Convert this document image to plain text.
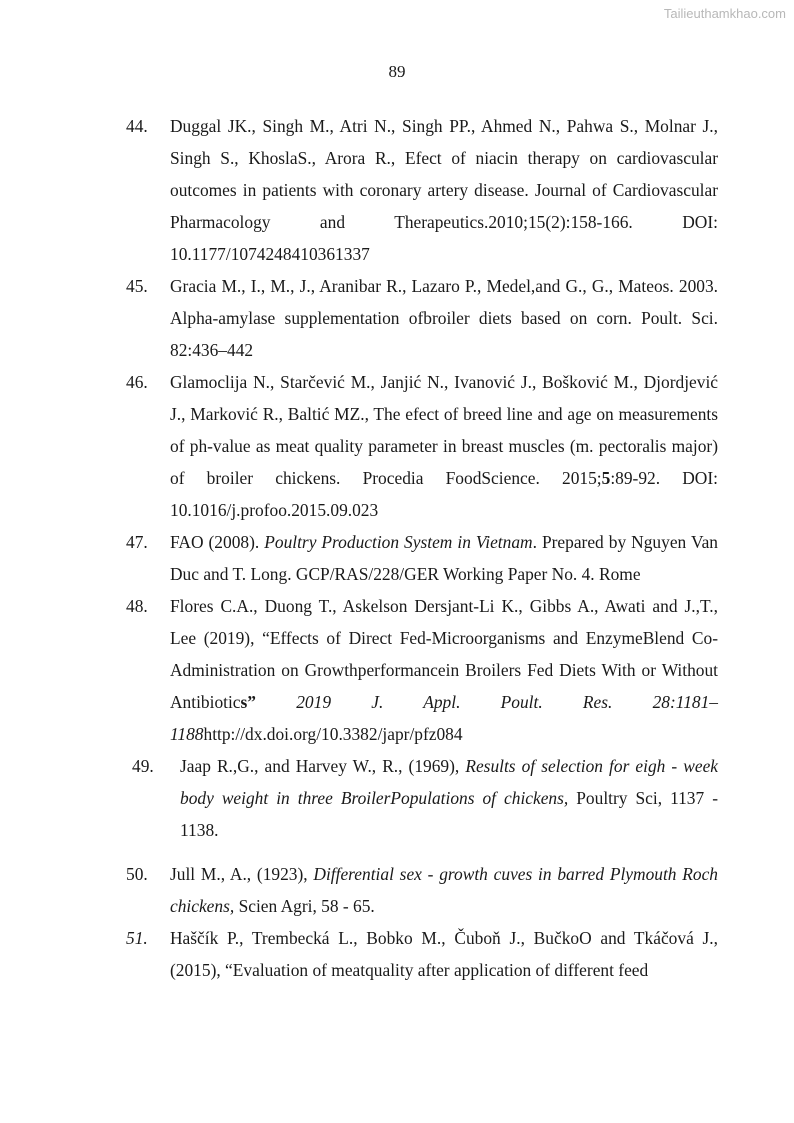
Tailieuthamkhao.com
89
44.	Duggal JK., Singh M., Atri N., Singh PP., Ahmed N., Pahwa S., Molnar J., Singh S., KhoslaS., Arora R., Efect of niacin therapy on cardiovascular outcomes in patients with coronary artery disease. Journal of Cardiovascular Pharmacology and Therapeutics.2010;15(2):158-166. DOI: 10.1177/1074248410361337
45.	Gracia M., I., M., J., Aranibar R., Lazaro P., Medel,and G., G., Mateos. 2003. Alpha-amylase supplementation ofbroiler diets based on corn. Poult. Sci. 82:436–442
46.	Glamoclija N., Starčević M., Janjić N., Ivanović J., Bošković M., Djordjević J., Marković R., Baltić MZ., The efect of breed line and age on measurements of ph-value as meat quality parameter in breast muscles (m. pectoralis major) of broiler chickens. Procedia FoodScience. 2015;5:89-92. DOI: 10.1016/j.profoo.2015.09.023
47.	FAO (2008). Poultry Production System in Vietnam. Prepared by Nguyen Van Duc and T. Long. GCP/RAS/228/GER Working Paper No. 4. Rome
48.	Flores C.A., Duong T., Askelson Dersjant-Li K., Gibbs A., Awati and J.,T., Lee (2019), “Effects of Direct Fed-Microorganisms and EnzymeBlend Co-Administration on Growthperformancein Broilers Fed Diets With or Without Antibiotics” 2019 J. Appl. Poult. Res. 28:1181–1188http://dx.doi.org/10.3382/japr/pfz084
49.	Jaap R.,G., and Harvey W., R., (1969), Results of selection for eigh - week body weight in three BroilerPopulations of chickens, Poultry Sci, 1137 - 1138.
50.	Jull M., A., (1923), Differential sex - growth cuves in barred Plymouth Roch chickens, Scien Agri, 58 - 65.
51.	Haščík P., Trembecká L., Bobko M., Čuboň J., BučkoO and Tkáčová J., (2015), “Evaluation of meatquality after application of different feed
